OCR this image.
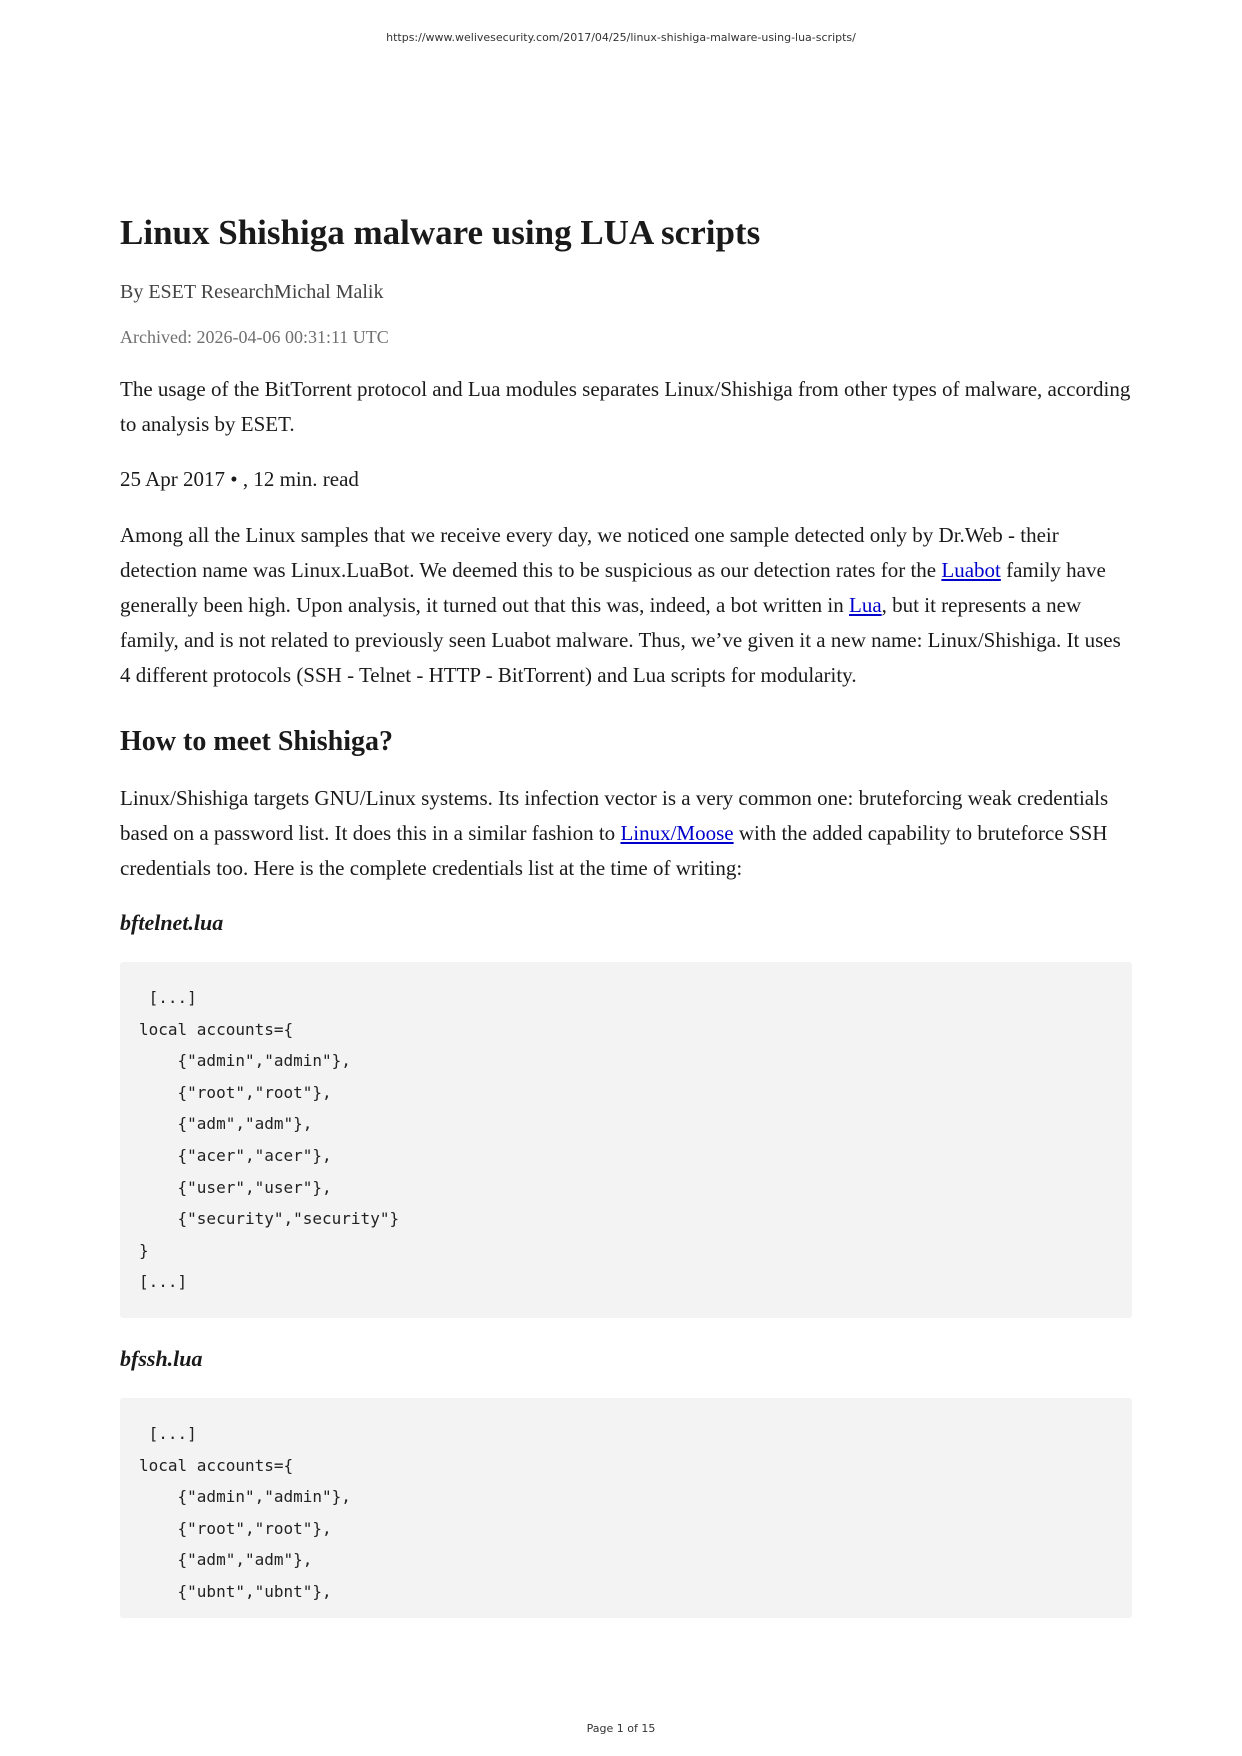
https://www.welivesecurity.com/2017/04/25/linux-shishiga-malware-using-lua-scripts/
Linux Shishiga malware using LUA scripts
By ESET ResearchMichal Malik
Archived: 2026-04-06 00:31:11 UTC

The usage of the BitTorrent protocol and Lua modules separates Linux/Shishiga from other types of malware, according to analysis by ESET.

25 Apr 2017 • , 12 min. read

Among all the Linux samples that we receive every day, we noticed one sample detected only by Dr.Web - their detection name was Linux.LuaBot. We deemed this to be suspicious as our detection rates for the Luabot family have generally been high. Upon analysis, it turned out that this was, indeed, a bot written in Lua, but it represents a new family, and is not related to previously seen Luabot malware. Thus, we’ve given it a new name: Linux/Shishiga. It uses 4 different protocols (SSH - Telnet - HTTP - BitTorrent) and Lua scripts for modularity.

How to meet Shishiga?

Linux/Shishiga targets GNU/Linux systems. Its infection vector is a very common one: bruteforcing weak credentials based on a password list. It does this in a similar fashion to Linux/Moose with the added capability to bruteforce SSH credentials too. Here is the complete credentials list at the time of writing:

bftelnet.lua
[...]
local accounts={
{"admin","admin"},
{"root","root"},
{"adm","adm"},
{"acer","acer"},
{"user","user"},
{"security","security"}
}
[...]
bfssh.lua
[...]
local accounts={
{"admin","admin"},
{"root","root"},
{"adm","adm"},
{"ubnt","ubnt"},
Page 1 of 15
